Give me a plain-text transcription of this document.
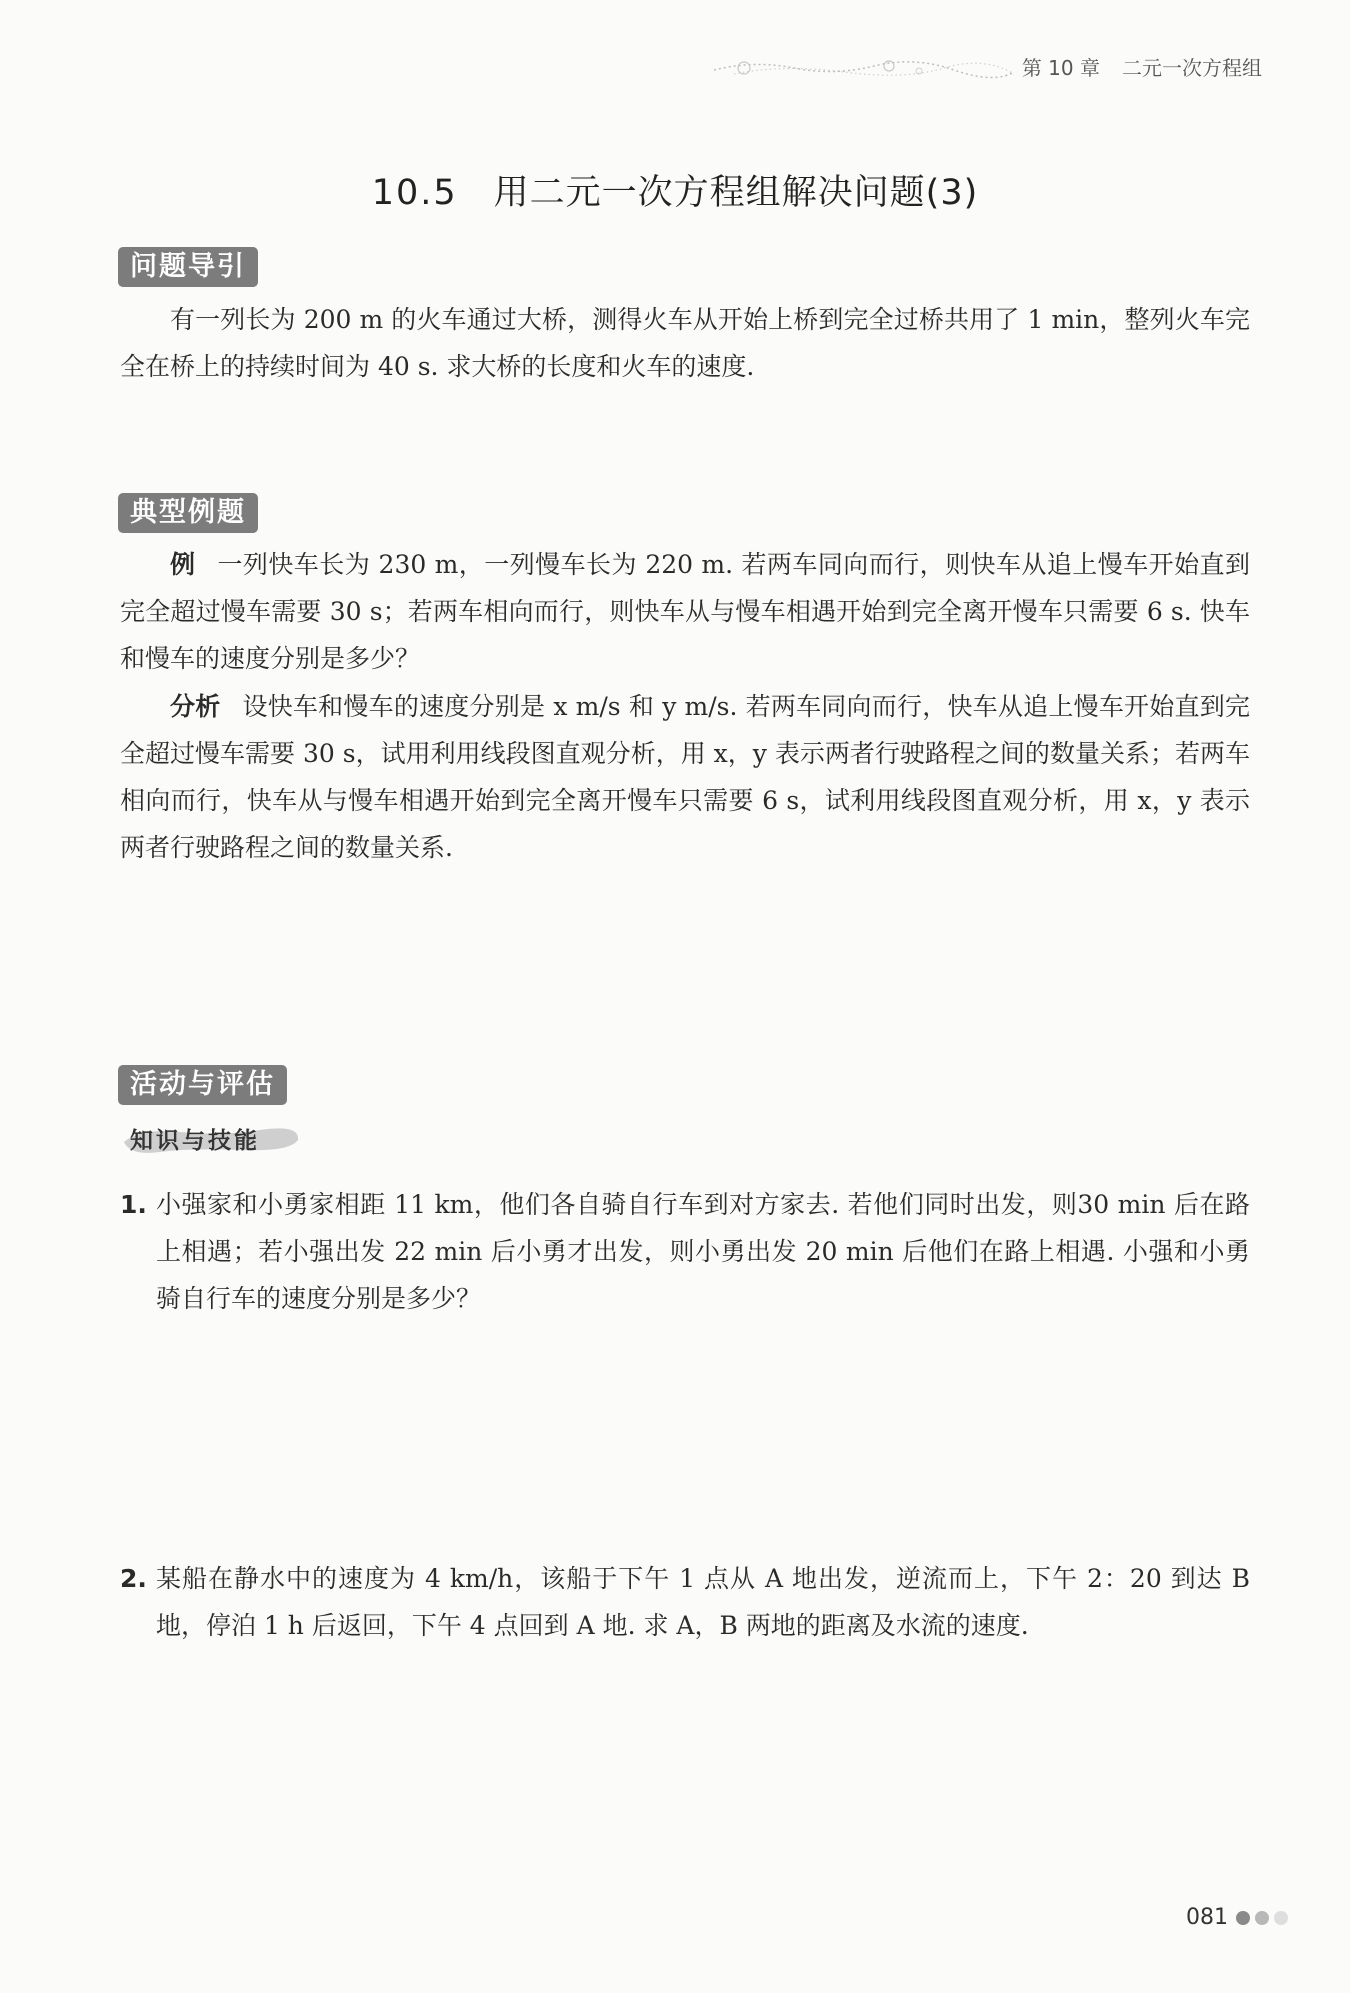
第 10 章 二元一次方程组
10.5 用二元一次方程组解决问题(3)
问题导引
有一列长为 200 m 的火车通过大桥，测得火车从开始上桥到完全过桥共用了 1 min，整列火车完全在桥上的持续时间为 40 s. 求大桥的长度和火车的速度.
典型例题
例 一列快车长为 230 m，一列慢车长为 220 m. 若两车同向而行，则快车从追上慢车开始直到完全超过慢车需要 30 s；若两车相向而行，则快车从与慢车相遇开始到完全离开慢车只需要 6 s. 快车和慢车的速度分别是多少？
分析 设快车和慢车的速度分别是 x m/s 和 y m/s. 若两车同向而行，快车从追上慢车开始直到完全超过慢车需要 30 s，试用利用线段图直观分析，用 x，y 表示两者行驶路程之间的数量关系；若两车相向而行，快车从与慢车相遇开始到完全离开慢车只需要 6 s，试利用线段图直观分析，用 x，y 表示两者行驶路程之间的数量关系.
活动与评估
知识与技能
1. 小强家和小勇家相距 11 km，他们各自骑自行车到对方家去. 若他们同时出发，则30 min 后在路上相遇；若小强出发 22 min 后小勇才出发，则小勇出发 20 min 后他们在路上相遇. 小强和小勇骑自行车的速度分别是多少？
2. 某船在静水中的速度为 4 km/h，该船于下午 1 点从 A 地出发，逆流而上，下午 2：20 到达 B 地，停泊 1 h 后返回，下午 4 点回到 A 地. 求 A，B 两地的距离及水流的速度.
081
